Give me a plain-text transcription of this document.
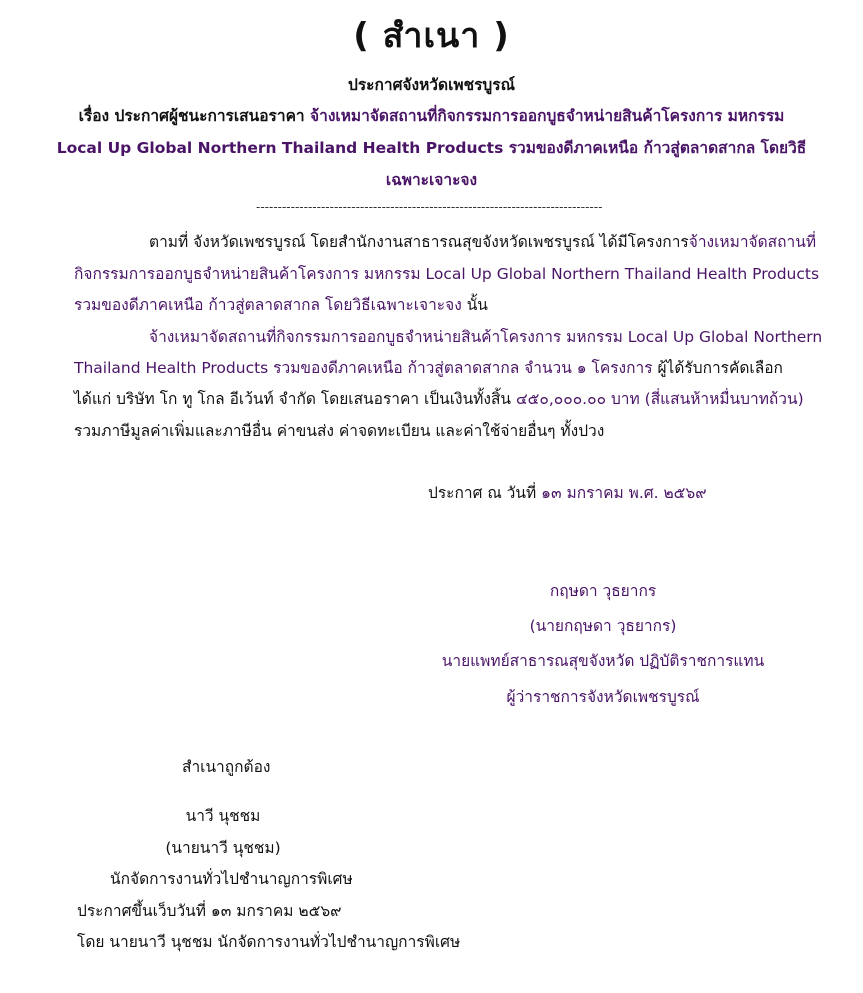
( สำเนา )
ประกาศจังหวัดเพชรบูรณ์
เรื่อง ประกาศผู้ชนะการเสนอราคา จ้างเหมาจัดสถานที่กิจกรรมการออกบูธจำหน่ายสินค้าโครงการ มหกรรม
Local Up Global Northern Thailand Health Products รวมของดีภาคเหนือ ก้าวสู่ตลาดสากล โดยวิธี
เฉพาะเจาะจง
--------------------------------------------------------------------------------
ตามที่ จังหวัดเพชรบูรณ์ โดยสำนักงานสาธารณสุขจังหวัดเพชรบูรณ์ ได้มีโครงการจ้างเหมาจัดสถานที่
กิจกรรมการออกบูธจำหน่ายสินค้าโครงการ มหกรรม Local Up Global Northern Thailand Health Products
รวมของดีภาคเหนือ ก้าวสู่ตลาดสากล โดยวิธีเฉพาะเจาะจง นั้น
จ้างเหมาจัดสถานที่กิจกรรมการออกบูธจำหน่ายสินค้าโครงการ มหกรรม Local Up Global Northern
Thailand Health Products รวมของดีภาคเหนือ ก้าวสู่ตลาดสากล จำนวน ๑ โครงการ ผู้ได้รับการคัดเลือก
ได้แก่ บริษัท โก ทู โกล อีเว้นท์ จำกัด โดยเสนอราคา เป็นเงินทั้งสิ้น ๔๕๐,๐๐๐.๐๐ บาท (สี่แสนห้าหมื่นบาทถ้วน)
รวมภาษีมูลค่าเพิ่มและภาษีอื่น ค่าขนส่ง ค่าจดทะเบียน และค่าใช้จ่ายอื่นๆ ทั้งปวง
ประกาศ ณ วันที่ ๑๓ มกราคม พ.ศ. ๒๕๖๙
กฤษดา วุธยากร
(นายกฤษดา วุธยากร)
นายแพทย์สาธารณสุขจังหวัด ปฏิบัติราชการแทน
ผู้ว่าราชการจังหวัดเพชรบูรณ์
สำเนาถูกต้อง
นาวี นุชชม
(นายนาวี นุชชม)
นักจัดการงานทั่วไปชำนาญการพิเศษ
ประกาศขึ้นเว็บวันที่ ๑๓ มกราคม ๒๕๖๙
โดย นายนาวี นุชชม นักจัดการงานทั่วไปชำนาญการพิเศษ
